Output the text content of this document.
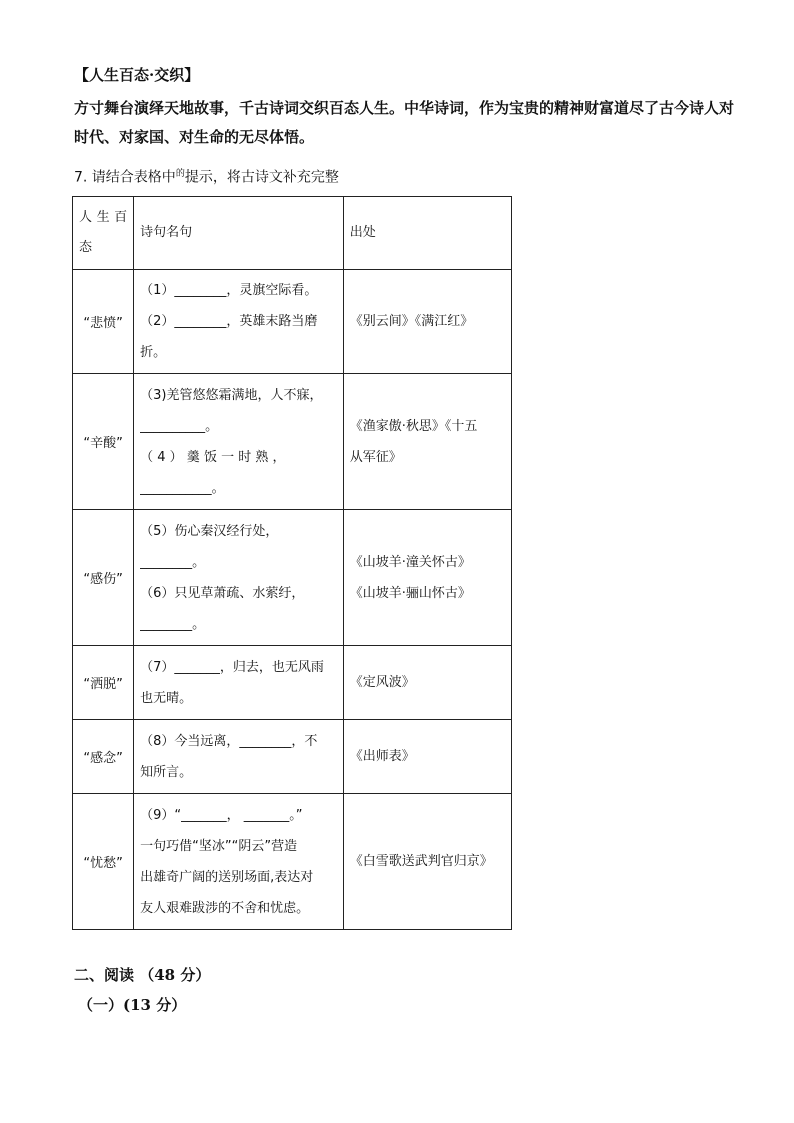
【人生百态·交织】

方寸舞台演绎天地故事，千古诗词交织百态人生。中华诗词，作为宝贵的精神财富道尽了古今诗人对时代、对家国、对生命的无尽体悟。

7. 请结合表格中$^的$提示，将古诗文补充完整

人生百态	诗句名句	出处
“悲愤”	（1）________，灵旗空际看。
（2）________，英雄末路当磨
折。	《别云间》《满江红》

“辛酸”	（3)羌管悠悠霜满地，人不寐，
__________。
（ 4 ） 羹 饭 一 时 熟 ，
___________。	《渔家傲·秋思》《十五
从军征》

“感伤”	（5）伤心秦汉经行处，
________。
（6）只见草萧疏、水萦纡，
________。	《山坡羊·潼关怀古》
《山坡羊·骊山怀古》

“洒脱”	（7）_______，归去，也无风雨
也无晴。	《定风波》

“感念”	（8）今当远离，________，不
知所言。	《出师表》

“忧愁”	（9）“_______， _______。”
一句巧借“坚冰”“阴云”营造
出雄奇广阔的送别场面,表达对
友人艰难跋涉的不舍和忧虑。	《白雪歌送武判官归京》

二、阅读 （48 分）

（一）(13 分）
